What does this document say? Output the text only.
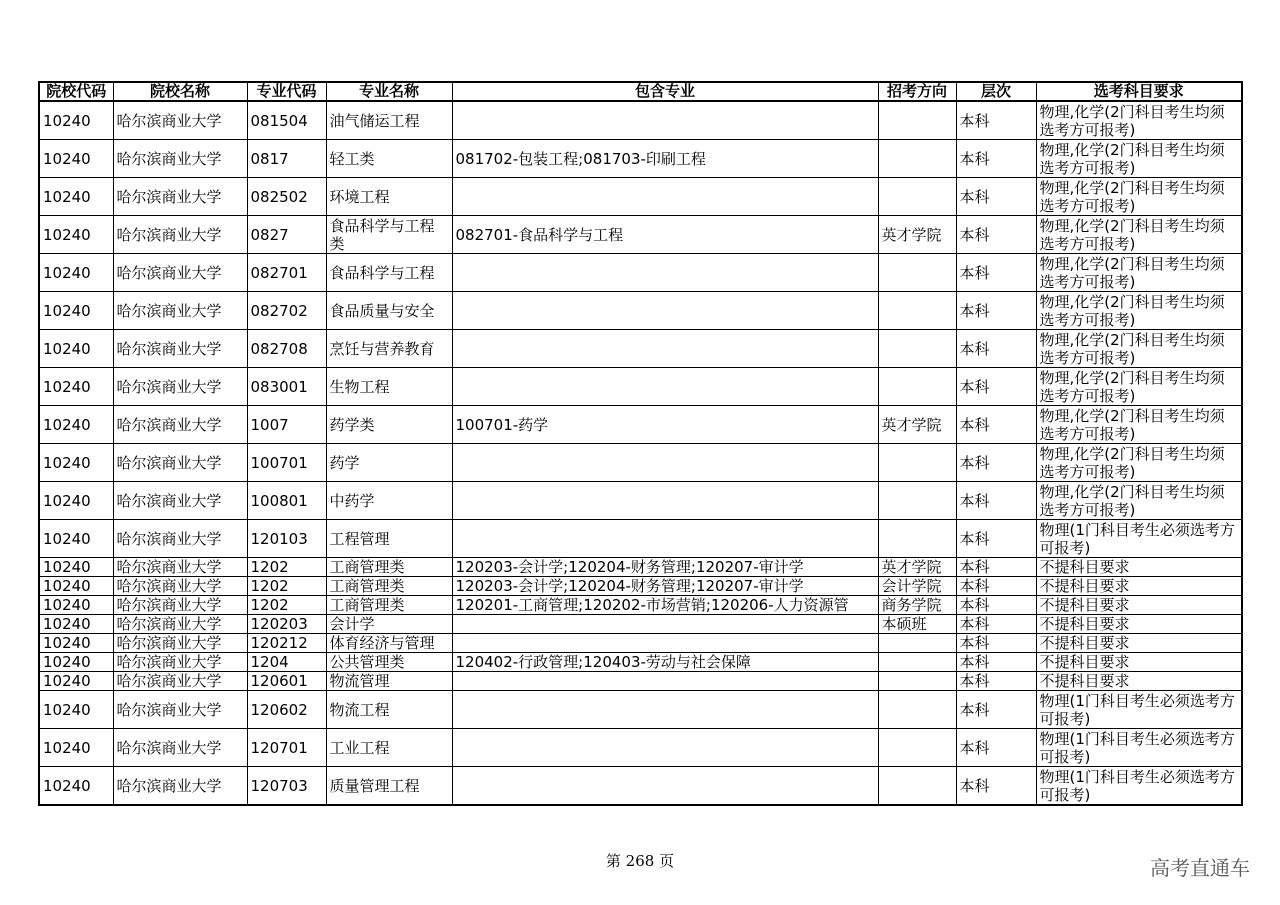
院校代码	院校名称	专业代码	专业名称	包含专业	招考方向	层次	选考科目要求
10240	哈尔滨商业大学	081504	油气储运工程			本科	物理,化学(2门科目考生均须选考方可报考)
10240	哈尔滨商业大学	0817	轻工类	081702-包装工程;081703-印刷工程		本科	物理,化学(2门科目考生均须选考方可报考)
10240	哈尔滨商业大学	082502	环境工程			本科	物理,化学(2门科目考生均须选考方可报考)
10240	哈尔滨商业大学	0827	食品科学与工程类	082701-食品科学与工程	英才学院	本科	物理,化学(2门科目考生均须选考方可报考)
10240	哈尔滨商业大学	082701	食品科学与工程			本科	物理,化学(2门科目考生均须选考方可报考)
10240	哈尔滨商业大学	082702	食品质量与安全			本科	物理,化学(2门科目考生均须选考方可报考)
10240	哈尔滨商业大学	082708	烹饪与营养教育			本科	物理,化学(2门科目考生均须选考方可报考)
10240	哈尔滨商业大学	083001	生物工程			本科	物理,化学(2门科目考生均须选考方可报考)
10240	哈尔滨商业大学	1007	药学类	100701-药学	英才学院	本科	物理,化学(2门科目考生均须选考方可报考)
10240	哈尔滨商业大学	100701	药学			本科	物理,化学(2门科目考生均须选考方可报考)
10240	哈尔滨商业大学	100801	中药学			本科	物理,化学(2门科目考生均须选考方可报考)
10240	哈尔滨商业大学	120103	工程管理			本科	物理(1门科目考生必须选考方可报考)
10240	哈尔滨商业大学	1202	工商管理类	120203-会计学;120204-财务管理;120207-审计学	英才学院	本科	不提科目要求
10240	哈尔滨商业大学	1202	工商管理类	120203-会计学;120204-财务管理;120207-审计学	会计学院	本科	不提科目要求
10240	哈尔滨商业大学	1202	工商管理类	120201-工商管理;120202-市场营销;120206-人力资源管	商务学院	本科	不提科目要求
10240	哈尔滨商业大学	120203	会计学		本硕班	本科	不提科目要求
10240	哈尔滨商业大学	120212	体育经济与管理			本科	不提科目要求
10240	哈尔滨商业大学	1204	公共管理类	120402-行政管理;120403-劳动与社会保障		本科	不提科目要求
10240	哈尔滨商业大学	120601	物流管理			本科	不提科目要求
10240	哈尔滨商业大学	120602	物流工程			本科	物理(1门科目考生必须选考方可报考)
10240	哈尔滨商业大学	120701	工业工程			本科	物理(1门科目考生必须选考方可报考)
10240	哈尔滨商业大学	120703	质量管理工程			本科	物理(1门科目考生必须选考方可报考)
第 268 页	高考直通车
